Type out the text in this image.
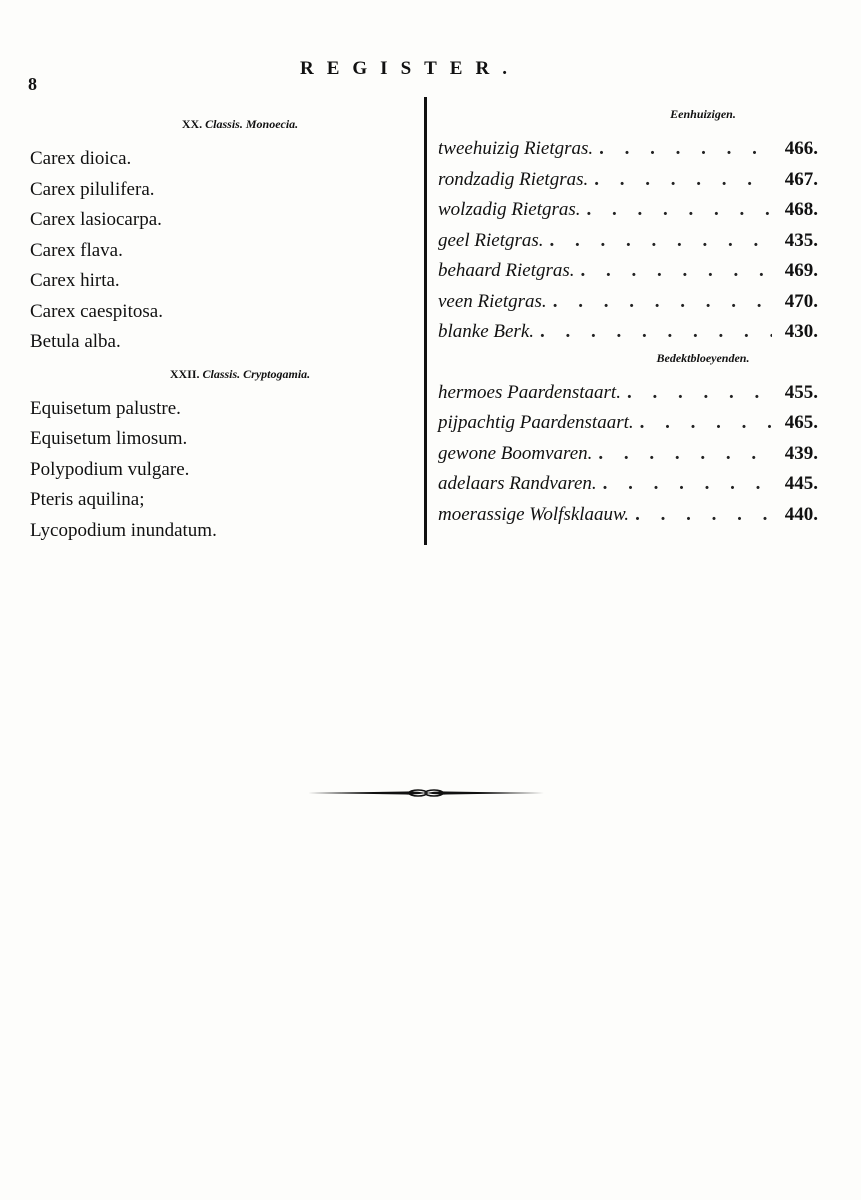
8
REGISTER.
XX. Classis. Monoecia.
Carex dioica.
Carex pilulifera.
Carex lasiocarpa.
Carex flava.
Carex hirta.
Carex caespitosa.
Betula alba.
XXII. Classis. Cryptogamia.
Equisetum palustre.
Equisetum limosum.
Polypodium vulgare.
Pteris aquilina;
Lycopodium inundatum.
Eenhuizigen.
tweehuizig Rietgras. . . .	466.
rondzadig Rietgras. . . .	467.
wolzadig Rietgras. . . .	468.
geel Rietgras. . . .	435.
behaard Rietgras. . . .	469.
veen Rietgras. . . .	470.
blanke Berk. . . .	430.
Bedektbloeyenden.
hermoes Paardenstaart. . . .	455.
pijpachtig Paardenstaart. . . .	465.
gewone Boomvaren. . . .	439.
adelaars Randvaren. . . .	445.
moerassige Wolfsklaauw. . . .	440.
